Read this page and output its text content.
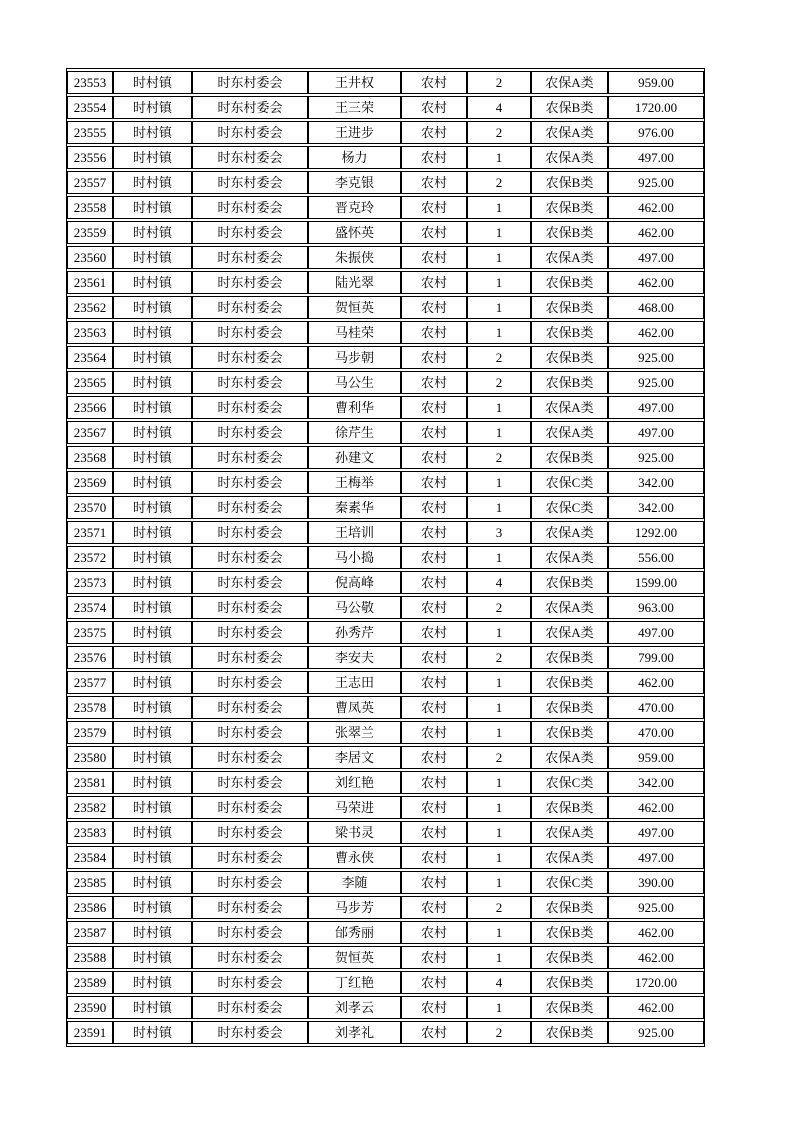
23553	时村镇	时东村委会	王井权	农村	2	农保A类	959.00
23554	时村镇	时东村委会	王三荣	农村	4	农保B类	1720.00
23555	时村镇	时东村委会	王进步	农村	2	农保A类	976.00
23556	时村镇	时东村委会	杨力	农村	1	农保A类	497.00
23557	时村镇	时东村委会	李克银	农村	2	农保B类	925.00
23558	时村镇	时东村委会	晋克玲	农村	1	农保B类	462.00
23559	时村镇	时东村委会	盛怀英	农村	1	农保B类	462.00
23560	时村镇	时东村委会	朱振侠	农村	1	农保A类	497.00
23561	时村镇	时东村委会	陆光翠	农村	1	农保B类	462.00
23562	时村镇	时东村委会	贺恒英	农村	1	农保B类	468.00
23563	时村镇	时东村委会	马桂荣	农村	1	农保B类	462.00
23564	时村镇	时东村委会	马步朝	农村	2	农保B类	925.00
23565	时村镇	时东村委会	马公生	农村	2	农保B类	925.00
23566	时村镇	时东村委会	曹利华	农村	1	农保A类	497.00
23567	时村镇	时东村委会	徐芹生	农村	1	农保A类	497.00
23568	时村镇	时东村委会	孙建文	农村	2	农保B类	925.00
23569	时村镇	时东村委会	王梅举	农村	1	农保C类	342.00
23570	时村镇	时东村委会	秦素华	农村	1	农保C类	342.00
23571	时村镇	时东村委会	王培训	农村	3	农保A类	1292.00
23572	时村镇	时东村委会	马小捣	农村	1	农保A类	556.00
23573	时村镇	时东村委会	倪高峰	农村	4	农保B类	1599.00
23574	时村镇	时东村委会	马公敬	农村	2	农保A类	963.00
23575	时村镇	时东村委会	孙秀芹	农村	1	农保A类	497.00
23576	时村镇	时东村委会	李安夫	农村	2	农保B类	799.00
23577	时村镇	时东村委会	王志田	农村	1	农保B类	462.00
23578	时村镇	时东村委会	曹凤英	农村	1	农保B类	470.00
23579	时村镇	时东村委会	张翠兰	农村	1	农保B类	470.00
23580	时村镇	时东村委会	李居文	农村	2	农保A类	959.00
23581	时村镇	时东村委会	刘红艳	农村	1	农保C类	342.00
23582	时村镇	时东村委会	马荣进	农村	1	农保B类	462.00
23583	时村镇	时东村委会	梁书灵	农村	1	农保A类	497.00
23584	时村镇	时东村委会	曹永侠	农村	1	农保A类	497.00
23585	时村镇	时东村委会	李随	农村	1	农保C类	390.00
23586	时村镇	时东村委会	马步芳	农村	2	农保B类	925.00
23587	时村镇	时东村委会	邰秀丽	农村	1	农保B类	462.00
23588	时村镇	时东村委会	贺恒英	农村	1	农保B类	462.00
23589	时村镇	时东村委会	丁红艳	农村	4	农保B类	1720.00
23590	时村镇	时东村委会	刘孝云	农村	1	农保B类	462.00
23591	时村镇	时东村委会	刘孝礼	农村	2	农保B类	925.00
